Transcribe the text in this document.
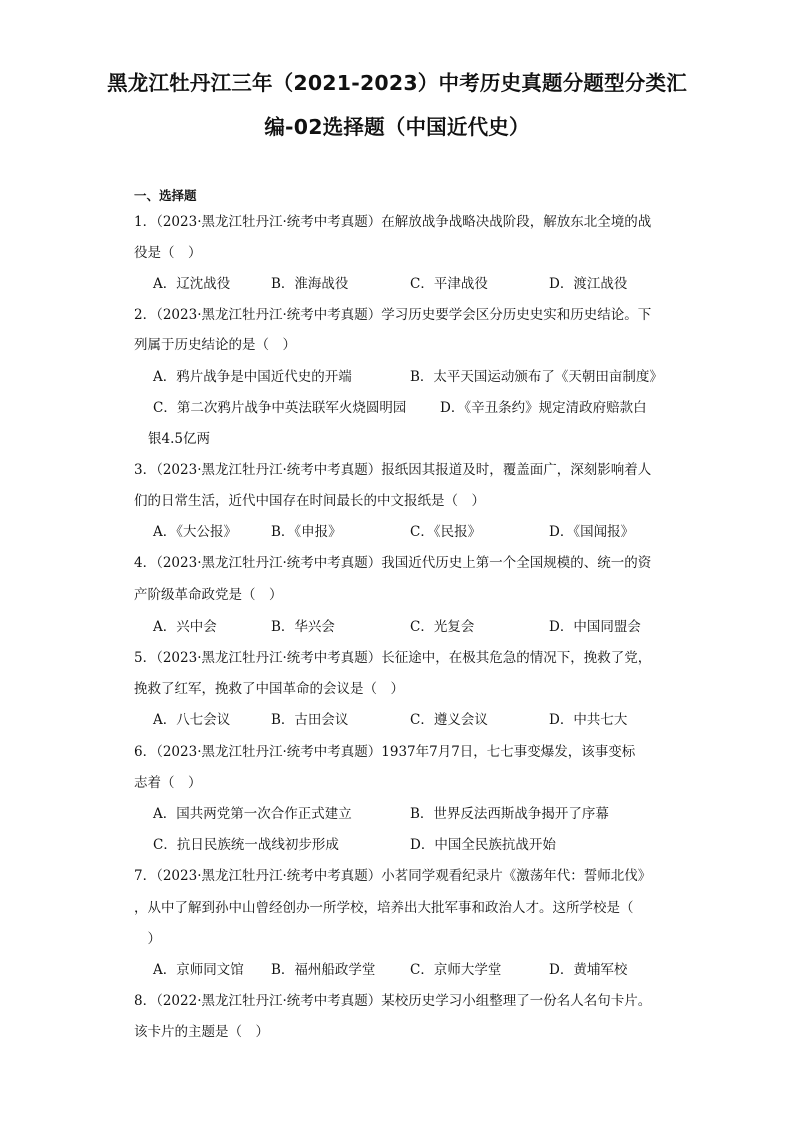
黑龙江牡丹江三年（2021-2023）中考历史真题分题型分类汇
编-02选择题（中国近代史）
一、选择题
1．（2023·黑龙江牡丹江·统考中考真题）在解放战争战略决战阶段，解放东北全境的战
役是（　）
A．辽沈战役	B．淮海战役	C．平津战役	D．渡江战役
2．（2023·黑龙江牡丹江·统考中考真题）学习历史要学会区分历史史实和历史结论。下
列属于历史结论的是（　）
A．鸦片战争是中国近代史的开端	B．太平天国运动颁布了《天朝田亩制度》
C．第二次鸦片战争中英法联军火烧圆明园 D．《辛丑条约》规定清政府赔款白
银4.5亿两
3．（2023·黑龙江牡丹江·统考中考真题）报纸因其报道及时，覆盖面广，深刻影响着人
们的日常生活，近代中国存在时间最长的中文报纸是（　）
A．《大公报》	B．《申报》	C．《民报》	D．《国闻报》
4．（2023·黑龙江牡丹江·统考中考真题）我国近代历史上第一个全国规模的、统一的资
产阶级革命政党是（　）
A．兴中会	B．华兴会	C．光复会	D．中国同盟会
5．（2023·黑龙江牡丹江·统考中考真题）长征途中，在极其危急的情况下，挽救了党，
挽救了红军，挽救了中国革命的会议是（　）
A．八七会议	B．古田会议	C．遵义会议	D．中共七大
6．（2023·黑龙江牡丹江·统考中考真题）1937年7月7日，七七事变爆发，该事变标
志着（　）
A．国共两党第一次合作正式建立	B．世界反法西斯战争揭开了序幕
C．抗日民族统一战线初步形成	D．中国全民族抗战开始
7．（2023·黑龙江牡丹江·统考中考真题）小茗同学观看纪录片《激荡年代：誓师北伐》
，从中了解到孙中山曾经创办一所学校，培养出大批军事和政治人才。这所学校是（
　）
A．京师同文馆 B．福州船政学堂	C．京师大学堂	D．黄埔军校
8．（2022·黑龙江牡丹江·统考中考真题）某校历史学习小组整理了一份名人名句卡片。
该卡片的主题是（　）
